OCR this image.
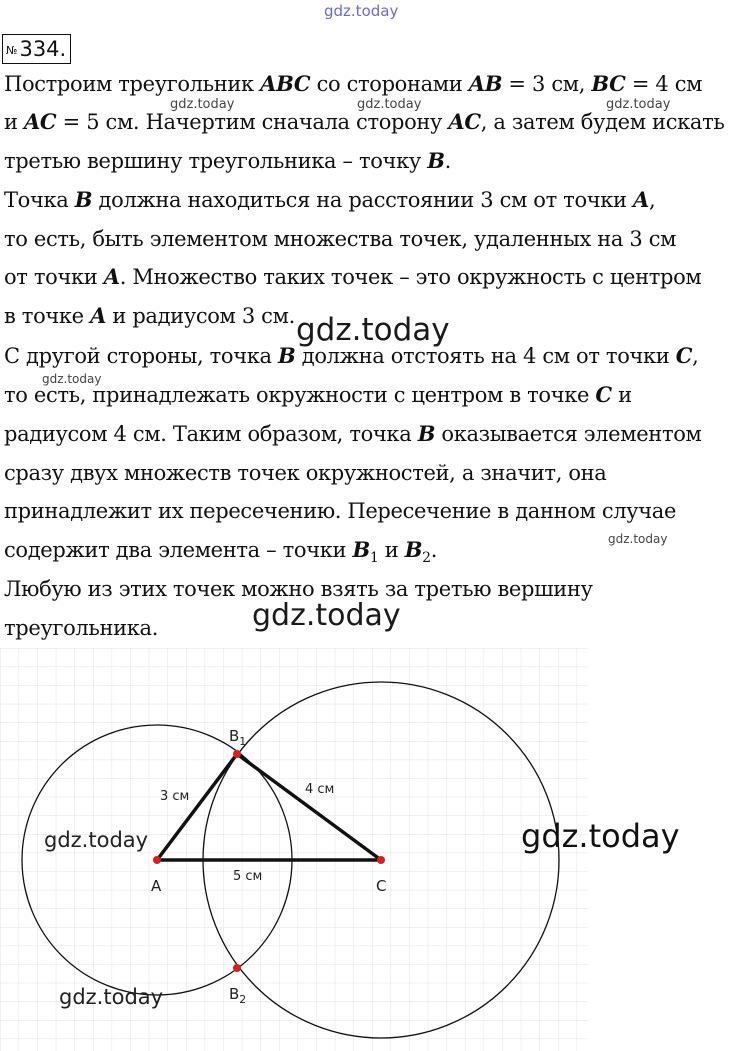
gdz.today
gdz.today	gdz.today	gdz.today
gdz.today
gdz.today
gdz.today
gdz.today
№334.
Построим треугольник ABC со сторонами AB = 3 см, BC = 4 см
и AC = 5 см. Начертим сначала сторону AC, а затем будем искать
третью вершину треугольника – точку B.
Точка B должна находиться на расстоянии 3 см от точки A,
то есть, быть элементом множества точек, удаленных на 3 см
от точки A. Множество таких точек – это окружность с центром
в точке A и радиусом 3 см.
С другой стороны, точка B должна отстоять на 4 см от точки C,
то есть, принадлежать окружности с центром в точке C и
радиусом 4 см. Таким образом, точка B оказывается элементом
сразу двух множеств точек окружностей, а значит, она
принадлежит их пересечению. Пересечение в данном случае
содержит два элемента – точки $B_1$ и $B_2$.
Любую из этих точек можно взять за третью вершину
треугольника.
A	C
$B_1$
$B_2$
3 см	4 см
5 см
gdz.today	gdz.today
gdz.today
